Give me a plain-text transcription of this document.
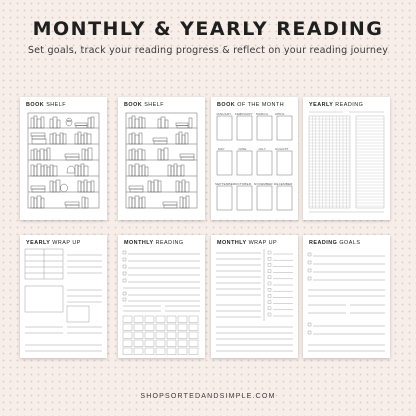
MONTHLY & YEARLY READING
Set goals, track your reading progress & reflect on your reading journey
BOOK SHELF	BOOK SHELF	BOOK OF THE MONTH
JANUARY FEBRUARY MARCH APRIL
MAY	JUNE	JULY	AUGUST
SEPTEMBER OCTOBER NOVEMBER DECEMBER
YEARLY READING
YEARLY WRAP UP	MONTHLY READING	MONTHLY WRAP UP	READING GOALS
SHOPSORTEDANDSIMPLE.COM
